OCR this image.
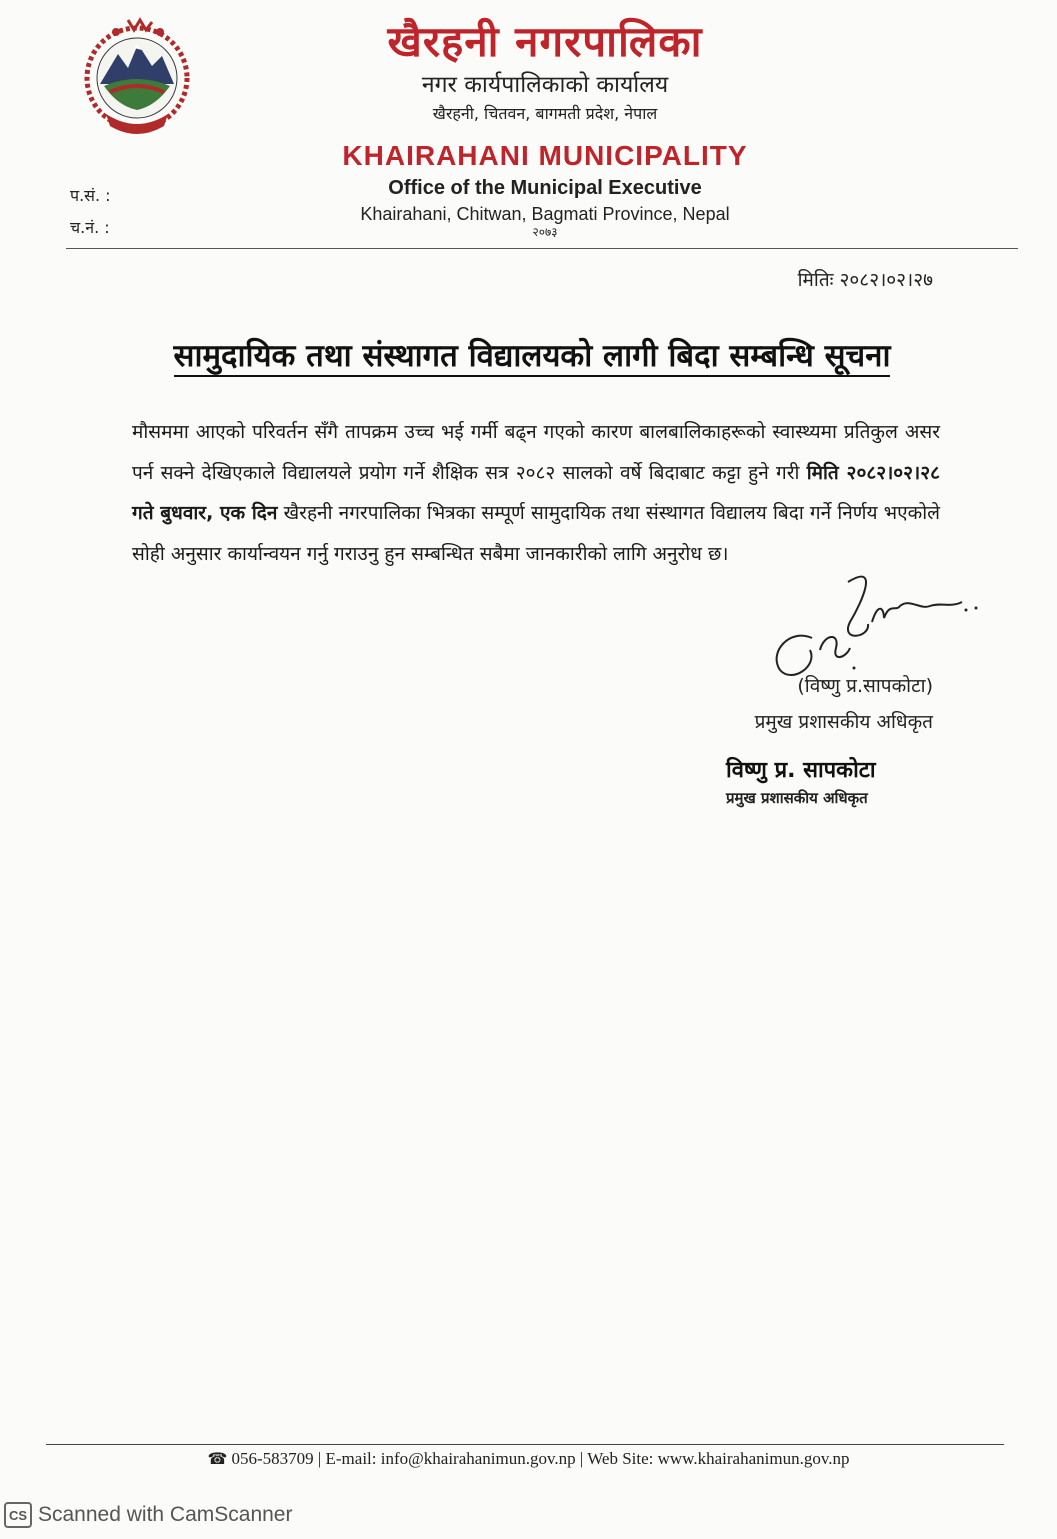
खैरहनी नगरपालिका
नगर कार्यपालिकाको कार्यालय
खैरहनी, चितवन, बागमती प्रदेश, नेपाल
KHAIRAHANI MUNICIPALITY
Office of the Municipal Executive
Khairahani, Chitwan, Bagmati Province, Nepal
२०७३
प.सं. :
च.नं. :
मितिः २०८२।०२।२७
सामुदायिक तथा संस्थागत विद्यालयको लागी बिदा सम्बन्धि सूचना
मौसममा आएको परिवर्तन सँगै तापक्रम उच्च भई गर्मी बढ्न गएको कारण बालबालिकाहरूको स्वास्थ्यमा प्रतिकुल असर पर्न सक्ने देखिएकाले विद्यालयले प्रयोग गर्ने शैक्षिक सत्र २०८२ सालको वर्षे बिदाबाट कट्टा हुने गरी मिति २०८२।०२।२८ गते बुधवार, एक दिन खैरहनी नगरपालिका भित्रका सम्पूर्ण सामुदायिक तथा संस्थागत विद्यालय बिदा गर्ने निर्णय भएकोले सोही अनुसार कार्यान्वयन गर्नु गराउनु हुन सम्बन्धित सबैमा जानकारीको लागि अनुरोध छ।
(विष्णु प्र.सापकोटा)
प्रमुख प्रशासकीय अधिकृत
विष्णु प्र. सापकोटा
प्रमुख प्रशासकीय अधिकृत
☎ 056-583709 | E-mail: info@khairahanimun.gov.np | Web Site: www.khairahanimun.gov.np
CS Scanned with CamScanner
